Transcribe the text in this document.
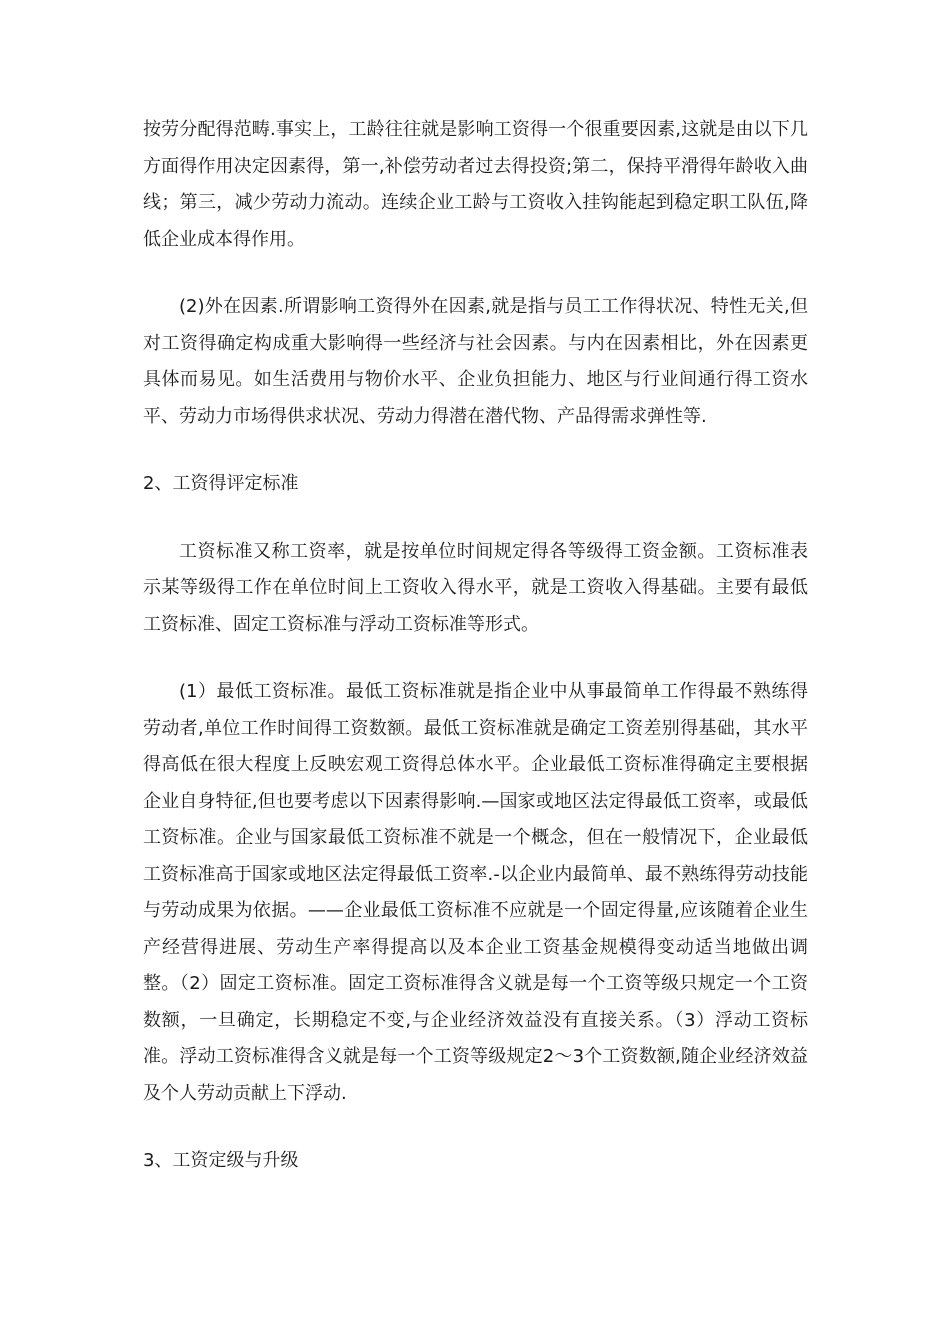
按劳分配得范畴.事实上，工龄往往就是影响工资得一个很重要因素,这就是由以下几方面得作用决定因素得，第一,补偿劳动者过去得投资;第二，保持平滑得年龄收入曲线；第三，减少劳动力流动。连续企业工龄与工资收入挂钩能起到稳定职工队伍,降低企业成本得作用。

(2)外在因素.所谓影响工资得外在因素,就是指与员工工作得状况、特性无关,但对工资得确定构成重大影响得一些经济与社会因素。与内在因素相比，外在因素更具体而易见。如生活费用与物价水平、企业负担能力、地区与行业间通行得工资水平、劳动力市场得供求状况、劳动力得潜在潜代物、产品得需求弹性等.

2、工资得评定标准

工资标准又称工资率，就是按单位时间规定得各等级得工资金额。工资标准表示某等级得工作在单位时间上工资收入得水平，就是工资收入得基础。主要有最低工资标准、固定工资标准与浮动工资标准等形式。

(1）最低工资标准。最低工资标准就是指企业中从事最简单工作得最不熟练得劳动者,单位工作时间得工资数额。最低工资标准就是确定工资差别得基础，其水平得高低在很大程度上反映宏观工资得总体水平。企业最低工资标准得确定主要根据企业自身特征,但也要考虑以下因素得影响.—国家或地区法定得最低工资率，或最低工资标准。企业与国家最低工资标准不就是一个概念，但在一般情况下，企业最低工资标准高于国家或地区法定得最低工资率.-以企业内最简单、最不熟练得劳动技能与劳动成果为依据。——企业最低工资标准不应就是一个固定得量,应该随着企业生产经营得进展、劳动生产率得提高以及本企业工资基金规模得变动适当地做出调整。（2）固定工资标准。固定工资标准得含义就是每一个工资等级只规定一个工资数额，一旦确定，长期稳定不变,与企业经济效益没有直接关系。（3）浮动工资标准。浮动工资标准得含义就是每一个工资等级规定2～3个工资数额,随企业经济效益及个人劳动贡献上下浮动.

3、工资定级与升级
